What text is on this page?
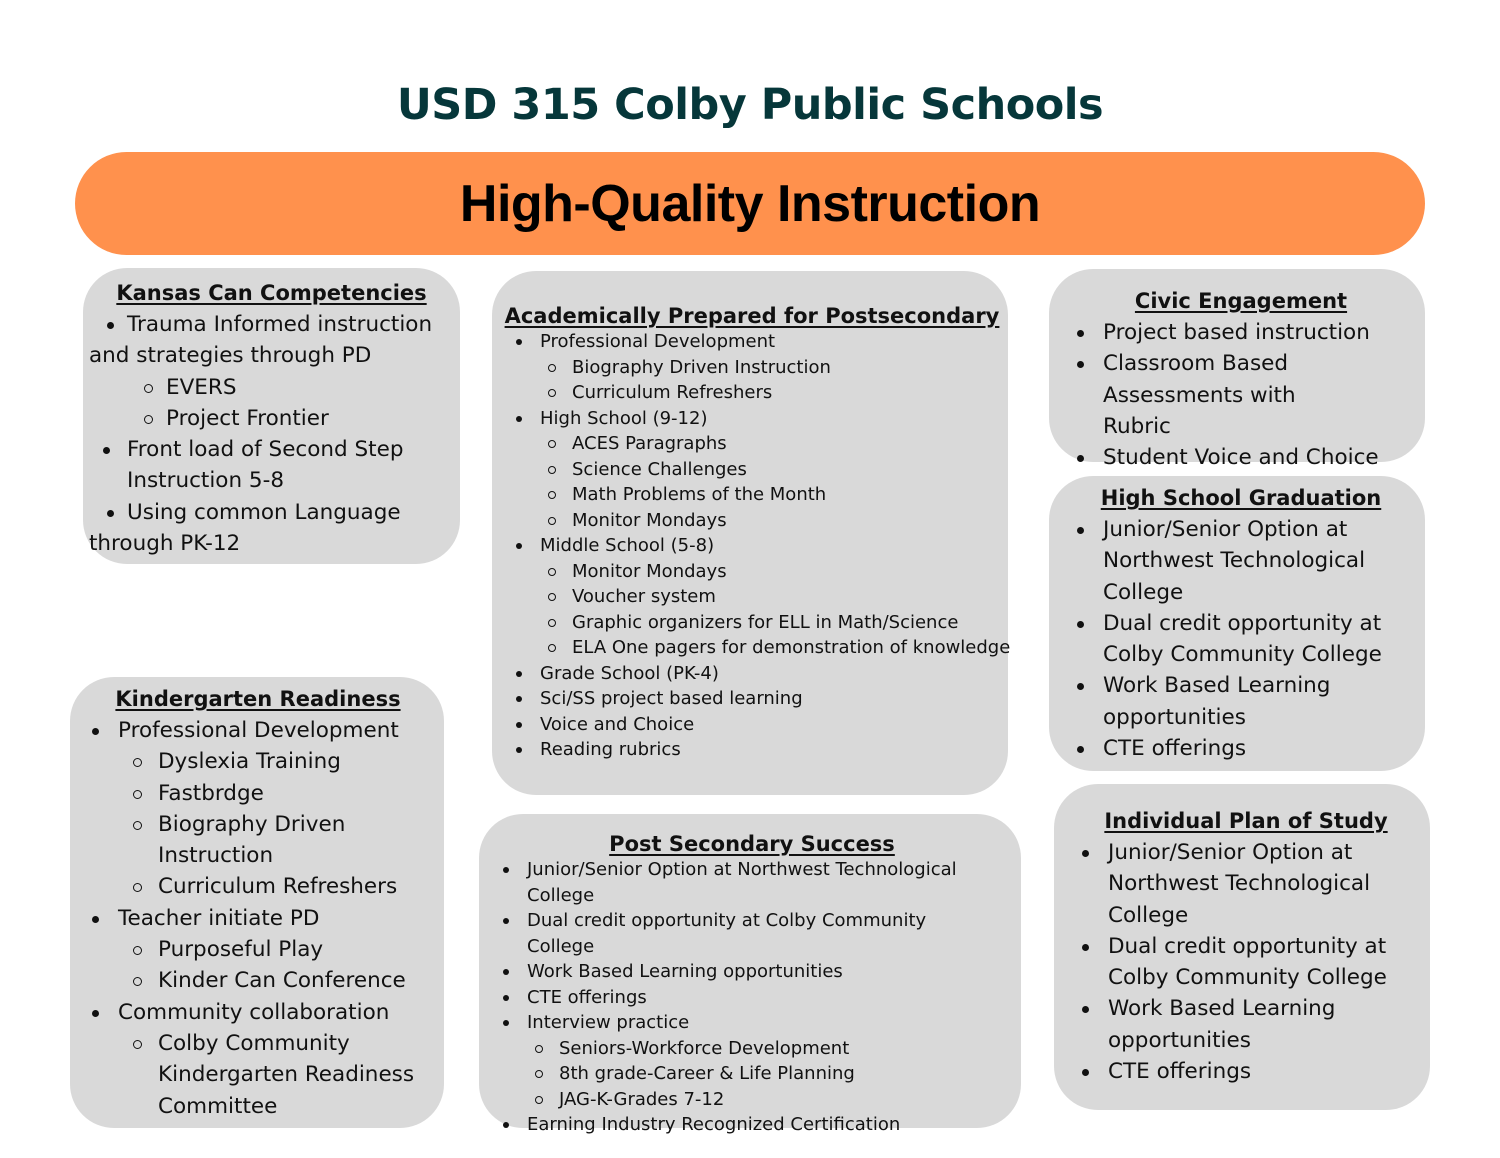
USD 315 Colby Public Schools
High-Quality Instruction
Kansas Can Competencies
Trauma Informed instruction
and strategies through PD
EVERS
Project Frontier
Front load of Second Step Instruction 5-8
Using common Language
through PK-12
Academically Prepared for Postsecondary
Professional Development
Biography Driven Instruction
Curriculum Refreshers
High School (9-12)
ACES Paragraphs
Science Challenges
Math Problems of the Month
Monitor Mondays
Middle School (5-8)
Monitor Mondays
Voucher system
Graphic organizers for ELL in Math/Science
ELA One pagers for demonstration of knowledge
Grade School (PK-4)
Sci/SS project based learning
Voice and Choice
Reading rubrics
Civic Engagement
Project based instruction
Classroom Based Assessments with Rubric
Student Voice and Choice
High School Graduation
Junior/Senior Option at Northwest Technological College
Dual credit opportunity at Colby Community College
Work Based Learning opportunities
CTE offerings
Kindergarten Readiness
Professional Development
Dyslexia Training
Fastbrdge
Biography Driven Instruction
Curriculum Refreshers
Teacher initiate PD
Purposeful Play
Kinder Can Conference
Community collaboration
Colby Community Kindergarten Readiness Committee
Post Secondary Success
Junior/Senior Option at Northwest Technological College
Dual credit opportunity at Colby Community College
Work Based Learning opportunities
CTE offerings
Interview practice
Seniors-Workforce Development
8th grade-Career & Life Planning
JAG-K-Grades 7-12
Earning Industry Recognized Certification
Individual Plan of Study
Junior/Senior Option at Northwest Technological College
Dual credit opportunity at Colby Community College
Work Based Learning opportunities
CTE offerings
